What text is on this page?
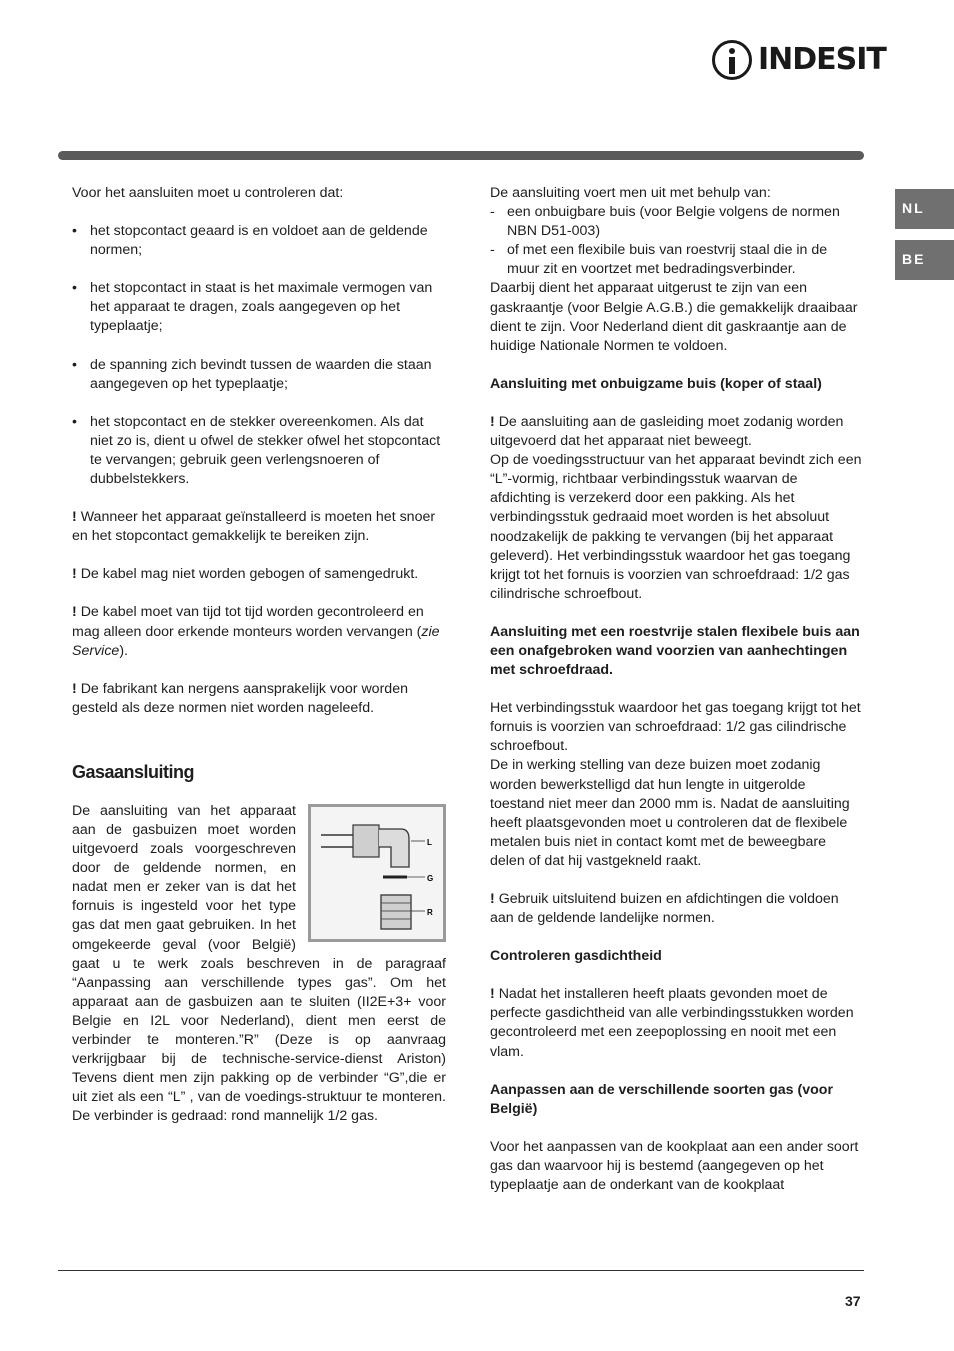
INDESIT
NL
BE

Voor het aansluiten moet u controleren dat:

• het stopcontact geaard is en voldoet aan de geldende normen;

• het stopcontact in staat is het maximale vermogen van het apparaat te dragen, zoals aangegeven op het typeplaatje;

• de spanning zich bevindt tussen de waarden die staan aangegeven op het typeplaatje;

• het stopcontact en de stekker overeenkomen. Als dat niet zo is, dient u ofwel de stekker ofwel het stopcontact te vervangen; gebruik geen verlengsnoeren of dubbelstekkers.

! Wanneer het apparaat geïnstalleerd is moeten het snoer en het stopcontact gemakkelijk te bereiken zijn.

! De kabel mag niet worden gebogen of samengedrukt.

! De kabel moet van tijd tot tijd worden gecontroleerd en mag alleen door erkende monteurs worden vervangen (zie Service).

! De fabrikant kan nergens aansprakelijk voor worden gesteld als deze normen niet worden nageleefd.

Gasaansluiting

L
G
R
De aansluiting van het apparaat aan de gasbuizen moet worden uitgevoerd zoals voorgeschreven door de geldende normen, en nadat men er zeker van is dat het fornuis is ingesteld voor het type gas dat men gaat gebruiken. In het omgekeerde geval (voor België) gaat u te werk zoals beschreven in de paragraaf “Aanpassing aan verschillende types gas”. Om het apparaat aan de gasbuizen aan te sluiten (II2E+3+ voor Belgie en I2L voor Nederland), dient men eerst de verbinder te monteren.”R” (Deze is op aanvraag verkrijgbaar bij de technische-service-dienst Ariston) Tevens dient men zijn pakking op de verbinder “G”,die er uit ziet als een “L” , van de voedings-struktuur te monteren. De verbinder is gedraad: rond mannelijk 1/2 gas.

De aansluiting voert men uit met behulp van:

- een onbuigbare buis (voor Belgie volgens de normen NBN D51-003)

- of met een flexibile buis van roestvrij staal die in de muur zit en voortzet met bedradingsverbinder.

Daarbij dient het apparaat uitgerust te zijn van een gaskraantje (voor Belgie A.G.B.) die gemakkelijk draaibaar dient te zijn. Voor Nederland dient dit gaskraantje aan de huidige Nationale Normen te voldoen.

Aansluiting met onbuigzame buis (koper of staal)

! De aansluiting aan de gasleiding moet zodanig worden uitgevoerd dat het apparaat niet beweegt.

Op de voedingsstructuur van het apparaat bevindt zich een “L”-vormig, richtbaar verbindingsstuk waarvan de afdichting is verzekerd door een pakking. Als het verbindingsstuk gedraaid moet worden is het absoluut noodzakelijk de pakking te vervangen (bij het apparaat geleverd). Het verbindingsstuk waardoor het gas toegang krijgt tot het fornuis is voorzien van schroefdraad: 1/2 gas cilindrische schroefbout.

Aansluiting met een roestvrije stalen flexibele buis aan een onafgebroken wand voorzien van aanhechtingen met schroefdraad.

Het verbindingsstuk waardoor het gas toegang krijgt tot het fornuis is voorzien van schroefdraad: 1/2 gas cilindrische schroefbout.

De in werking stelling van deze buizen moet zodanig worden bewerkstelligd dat hun lengte in uitgerolde toestand niet meer dan 2000 mm is. Nadat de aansluiting heeft plaatsgevonden moet u controleren dat de flexibele metalen buis niet in contact komt met de beweegbare delen of dat hij vastgekneld raakt.

! Gebruik uitsluitend buizen en afdichtingen die voldoen aan de geldende landelijke normen.

Controleren gasdichtheid

! Nadat het installeren heeft plaats gevonden moet de perfecte gasdichtheid van alle verbindingsstukken worden gecontroleerd met een zeepoplossing en nooit met een vlam.

Aanpassen aan de verschillende soorten gas (voor België)

Voor het aanpassen van de kookplaat aan een ander soort gas dan waarvoor hij is bestemd (aangegeven op het typeplaatje aan de onderkant van de kookplaat

37
